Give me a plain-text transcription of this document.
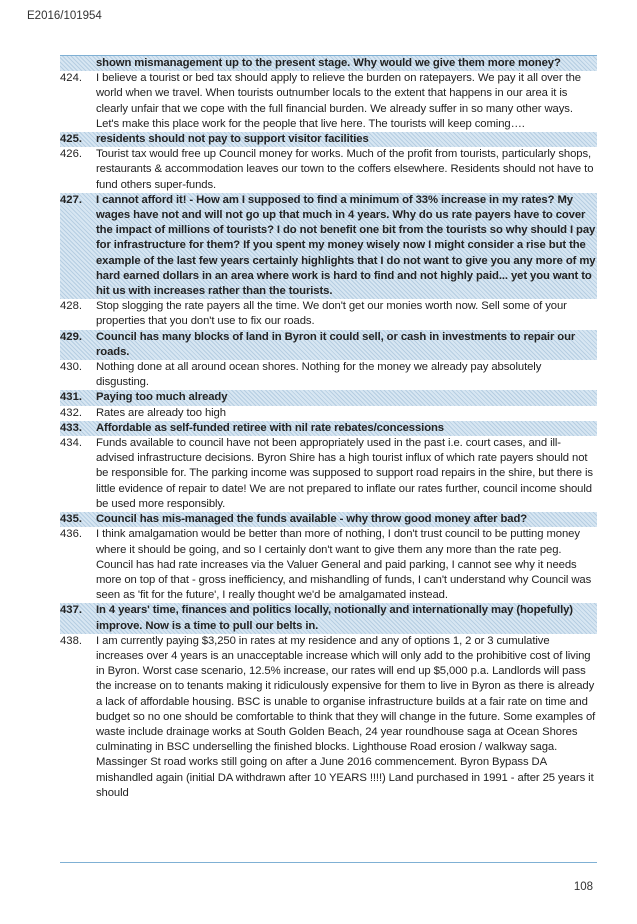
E2016/101954
shown mismanagement up to the present stage. Why would we give them more money?
424.	I believe a tourist or bed tax should apply to relieve the burden on ratepayers. We pay it all over the world when we travel. When tourists outnumber locals to the extent that happens in our area it is clearly unfair that we cope with the full financial burden. We already suffer in so many other ways. Let's make this place work for the people that live here. The tourists will keep coming….
425.	residents should not pay to support visitor facilities
426.	Tourist tax would free up Council money for works. Much of the profit from tourists, particularly shops, restaurants & accommodation leaves our town to the coffers elsewhere. Residents should not have to fund others super-funds.
427.	I cannot afford it! - How am I supposed to find a minimum of 33% increase in my rates? My wages have not and will not go up that much in 4 years. Why do us rate payers have to cover the impact of millions of tourists? I do not benefit one bit from the tourists so why should I pay for infrastructure for them? If you spent my money wisely now I might consider a rise but the example of the last few years certainly highlights that I do not want to give you any more of my hard earned dollars in an area where work is hard to find and not highly paid... yet you want to hit us with increases rather than the tourists.
428.	Stop slogging the rate payers all the time. We don't get our monies worth now. Sell some of your properties that you don't use to fix our roads.
429.	Council has many blocks of land in Byron it could sell, or cash in investments to repair our roads.
430.	Nothing done at all around ocean shores. Nothing for the money we already pay absolutely disgusting.
431.	Paying too much already
432.	Rates are already too high
433.	Affordable as self-funded retiree with nil rate rebates/concessions
434.	Funds available to council have not been appropriately used in the past i.e. court cases, and ill-advised infrastructure decisions. Byron Shire has a high tourist influx of which rate payers should not be responsible for. The parking income was supposed to support road repairs in the shire, but there is little evidence of repair to date! We are not prepared to inflate our rates further, council income should be used more responsibly.
435.	Council has mis-managed the funds available - why throw good money after bad?
436.	I think amalgamation would be better than more of nothing, I don't trust council to be putting money where it should be going, and so I certainly don't want to give them any more than the rate peg. Council has had rate increases via the Valuer General and paid parking, I cannot see why it needs more on top of that - gross inefficiency, and mishandling of funds, I can't understand why Council was seen as 'fit for the future', I really thought we'd be amalgamated instead.
437.	In 4 years' time, finances and politics locally, notionally and internationally may (hopefully) improve. Now is a time to pull our belts in.
438.	I am currently paying $3,250 in rates at my residence and any of options 1, 2 or 3 cumulative increases over 4 years is an unacceptable increase which will only add to the prohibitive cost of living in Byron. Worst case scenario, 12.5% increase, our rates will end up $5,000 p.a. Landlords will pass the increase on to tenants making it ridiculously expensive for them to live in Byron as there is already a lack of affordable housing. BSC is unable to organise infrastructure builds at a fair rate on time and budget so no one should be comfortable to think that they will change in the future. Some examples of waste include drainage works at South Golden Beach, 24 year roundhouse saga at Ocean Shores culminating in BSC underselling the finished blocks. Lighthouse Road erosion / walkway saga. Massinger St road works still going on after a June 2016 commencement. Byron Bypass DA mishandled again (initial DA withdrawn after 10 YEARS !!!!) Land purchased in 1991 - after 25 years it should
108
